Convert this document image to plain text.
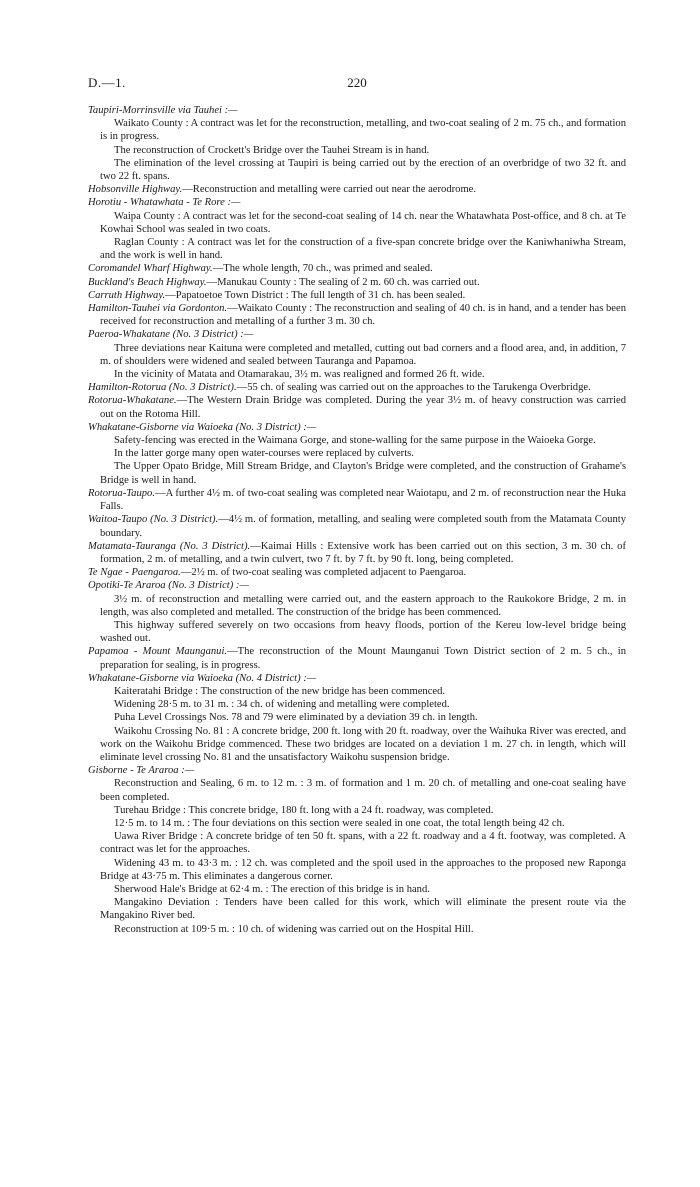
D.—1.	220

Taupiri-Morrinsville via Tauhei :—

Waikato County : A contract was let for the reconstruction, metalling, and two-coat sealing of 2 m. 75 ch., and formation is in progress.

The reconstruction of Crockett's Bridge over the Tauhei Stream is in hand.

The elimination of the level crossing at Taupiri is being carried out by the erection of an overbridge of two 32 ft. and two 22 ft. spans.

Hobsonville Highway.—Reconstruction and metalling were carried out near the aerodrome.

Horotiu - Whatawhata - Te Rore :—

Waipa County : A contract was let for the second-coat sealing of 14 ch. near the Whatawhata Post-office, and 8 ch. at Te Kowhai School was sealed in two coats.

Raglan County : A contract was let for the construction of a five-span concrete bridge over the Kaniwhaniwha Stream, and the work is well in hand.

Coromandel Wharf Highway.—The whole length, 70 ch., was primed and sealed.

Buckland's Beach Highway.—Manukau County : The sealing of 2 m. 60 ch. was carried out.

Carruth Highway.—Papatoetoe Town District : The full length of 31 ch. has been sealed.

Hamilton-Tauhei via Gordonton.—Waikato County : The reconstruction and sealing of 40 ch. is in hand, and a tender has been received for reconstruction and metalling of a further 3 m. 30 ch.

Paeroa-Whakatane (No. 3 District) :—

Three deviations near Kaituna were completed and metalled, cutting out bad corners and a flood area, and, in addition, 7 m. of shoulders were widened and sealed between Tauranga and Papamoa.

In the vicinity of Matata and Otamarakau, 3½ m. was realigned and formed 26 ft. wide.

Hamilton-Rotorua (No. 3 District).—55 ch. of sealing was carried out on the approaches to the Tarukenga Overbridge.

Rotorua-Whakatane.—The Western Drain Bridge was completed. During the year 3½ m. of heavy construction was carried out on the Rotoma Hill.

Whakatane-Gisborne via Waioeka (No. 3 District) :—

Safety-fencing was erected in the Waimana Gorge, and stone-walling for the same purpose in the Waioeka Gorge.

In the latter gorge many open water-courses were replaced by culverts.

The Upper Opato Bridge, Mill Stream Bridge, and Clayton's Bridge were completed, and the construction of Grahame's Bridge is well in hand.

Rotorua-Taupo.—A further 4½ m. of two-coat sealing was completed near Waiotapu, and 2 m. of reconstruction near the Huka Falls.

Waitoa-Taupo (No. 3 District).—4½ m. of formation, metalling, and sealing were completed south from the Matamata County boundary.

Matamata-Tauranga (No. 3 District).—Kaimai Hills : Extensive work has been carried out on this section, 3 m. 30 ch. of formation, 2 m. of metalling, and a twin culvert, two 7 ft. by 7 ft. by 90 ft. long, being completed.

Te Ngae - Paengaroa.—2½ m. of two-coat sealing was completed adjacent to Paengaroa.

Opotiki-Te Araroa (No. 3 District) :—

3½ m. of reconstruction and metalling were carried out, and the eastern approach to the Raukokore Bridge, 2 m. in length, was also completed and metalled. The construction of the bridge has been commenced.

This highway suffered severely on two occasions from heavy floods, portion of the Kereu low-level bridge being washed out.

Papamoa - Mount Maunganui.—The reconstruction of the Mount Maunganui Town District section of 2 m. 5 ch., in preparation for sealing, is in progress.

Whakatane-Gisborne via Waioeka (No. 4 District) :—

Kaiteratahi Bridge : The construction of the new bridge has been commenced.

Widening 28·5 m. to 31 m. : 34 ch. of widening and metalling were completed.

Puha Level Crossings Nos. 78 and 79 were eliminated by a deviation 39 ch. in length.

Waikohu Crossing No. 81 : A concrete bridge, 200 ft. long with 20 ft. roadway, over the Waihuka River was erected, and work on the Waikohu Bridge commenced. These two bridges are located on a deviation 1 m. 27 ch. in length, which will eliminate level crossing No. 81 and the unsatisfactory Waikohu suspension bridge.

Gisborne - Te Araroa :—

Reconstruction and Sealing, 6 m. to 12 m. : 3 m. of formation and 1 m. 20 ch. of metalling and one-coat sealing have been completed.

Turehau Bridge : This concrete bridge, 180 ft. long with a 24 ft. roadway, was completed.

12·5 m. to 14 m. : The four deviations on this section were sealed in one coat, the total length being 42 ch.

Uawa River Bridge : A concrete bridge of ten 50 ft. spans, with a 22 ft. roadway and a 4 ft. footway, was completed. A contract was let for the approaches.

Widening 43 m. to 43·3 m. : 12 ch. was completed and the spoil used in the approaches to the proposed new Raponga Bridge at 43·75 m. This eliminates a dangerous corner.

Sherwood Hale's Bridge at 62·4 m. : The erection of this bridge is in hand.

Mangakino Deviation : Tenders have been called for this work, which will eliminate the present route via the Mangakino River bed.

Reconstruction at 109·5 m. : 10 ch. of widening was carried out on the Hospital Hill.
